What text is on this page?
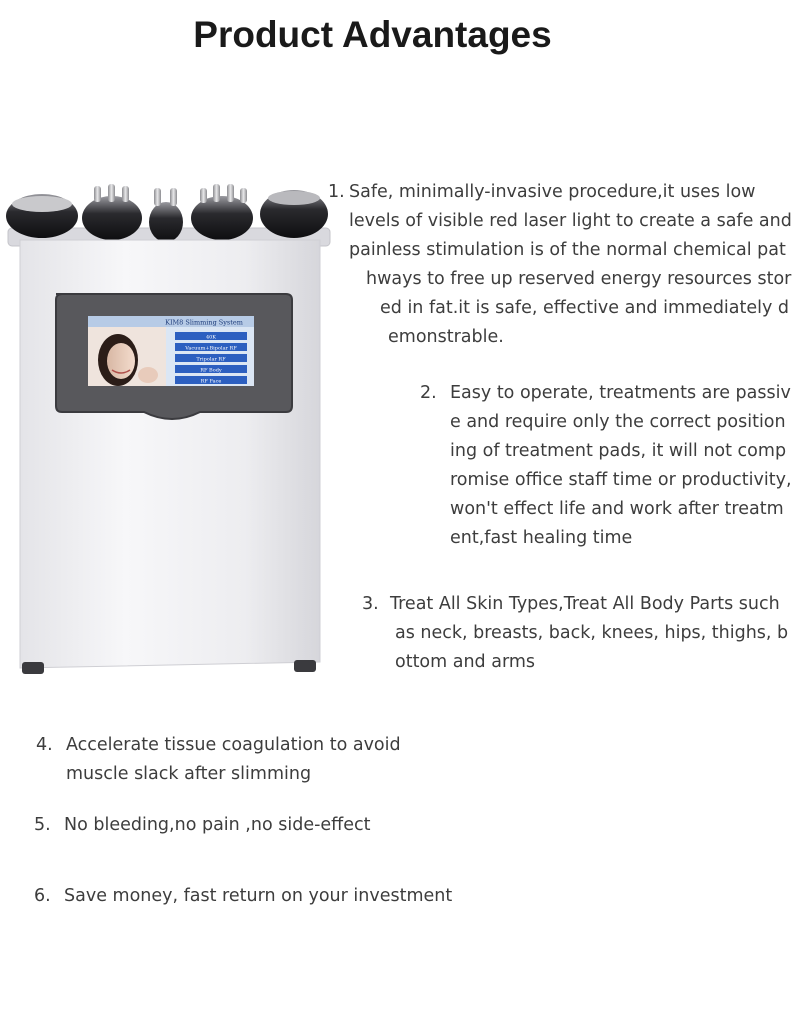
Product Advantages
KIM8 Slimming System
40K
Vacuum+Bipolar RF
Tripolar RF
RF Body
RF Face
1. Safe, minimally-invasive procedure,it uses low
levels of visible red laser light to create a safe and
painless stimulation is of the normal chemical pat
hways to free up reserved energy resources stor
ed in fat.it is safe, effective and immediately d
emonstrable.
2. Easy to operate, treatments are passiv
e and require only the correct position
ing of treatment pads, it will not comp
romise office staff time or productivity,
won't effect life and work after treatm
ent,fast healing time
3. Treat All Skin Types,Treat All Body Parts such
as neck, breasts, back, knees, hips, thighs, b
ottom and arms
4. Accelerate tissue coagulation to avoid
muscle slack after slimming
5. No bleeding,no pain ,no side-effect
6. Save money, fast return on your investment
